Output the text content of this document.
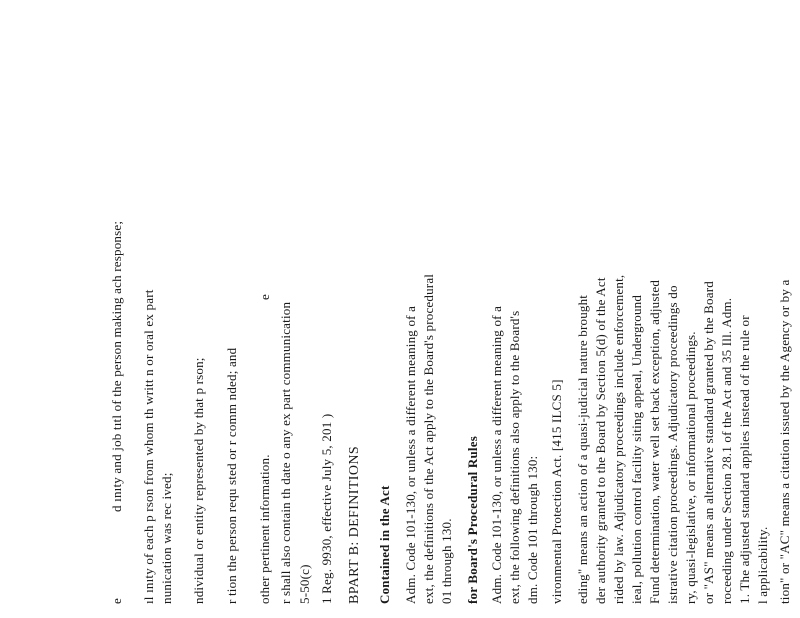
e
d ınıty and job tıtl of the person making ach response; ıl ınıty of each p rson from whom th writt n or oral ex part nunication was rec ived; ndividual or entity represented by that p rson; r tion the person requ sted or r comm nded; and other pertinent information.
e
r shall also contain th date o any ex part communication 5-50(c) 1 Reg. 9930, effective July 5, 201 ) BPART B: DEFINITIONS Contained in the Act Adm. Code 101-130, or unless a different meaning of a ext, the definitions of the Act apply to the Board's procedural 01 through 130. for Board's Procedural Rules Adm. Code 101-130, or unless a different meaning of a ext, the following definitions also apply to the Board's dm. Code 101 through 130: vironmental Protection Act. [415 ILCS 5] eding" means an action of a quasi-judicial nature brought der authority granted to the Board by Section 5(d) of the Act rided by law. Adjudicatory proceedings include enforcement, ieal, pollution control facility siting appeal, Underground Fund determination, water well set back exception, adjusted istrative citation proceedings. Adjudicatory proceedings do ry, quasi-legislative, or informational proceedings. or "AS" means an alternative standard granted by the Board roceeding under Section 28.1 of the Act and 35 Ill. Adm. 1. The adjusted standard applies instead of the rule or l applicability. tion" or "AC" means a citation issued by the Agency or by a
